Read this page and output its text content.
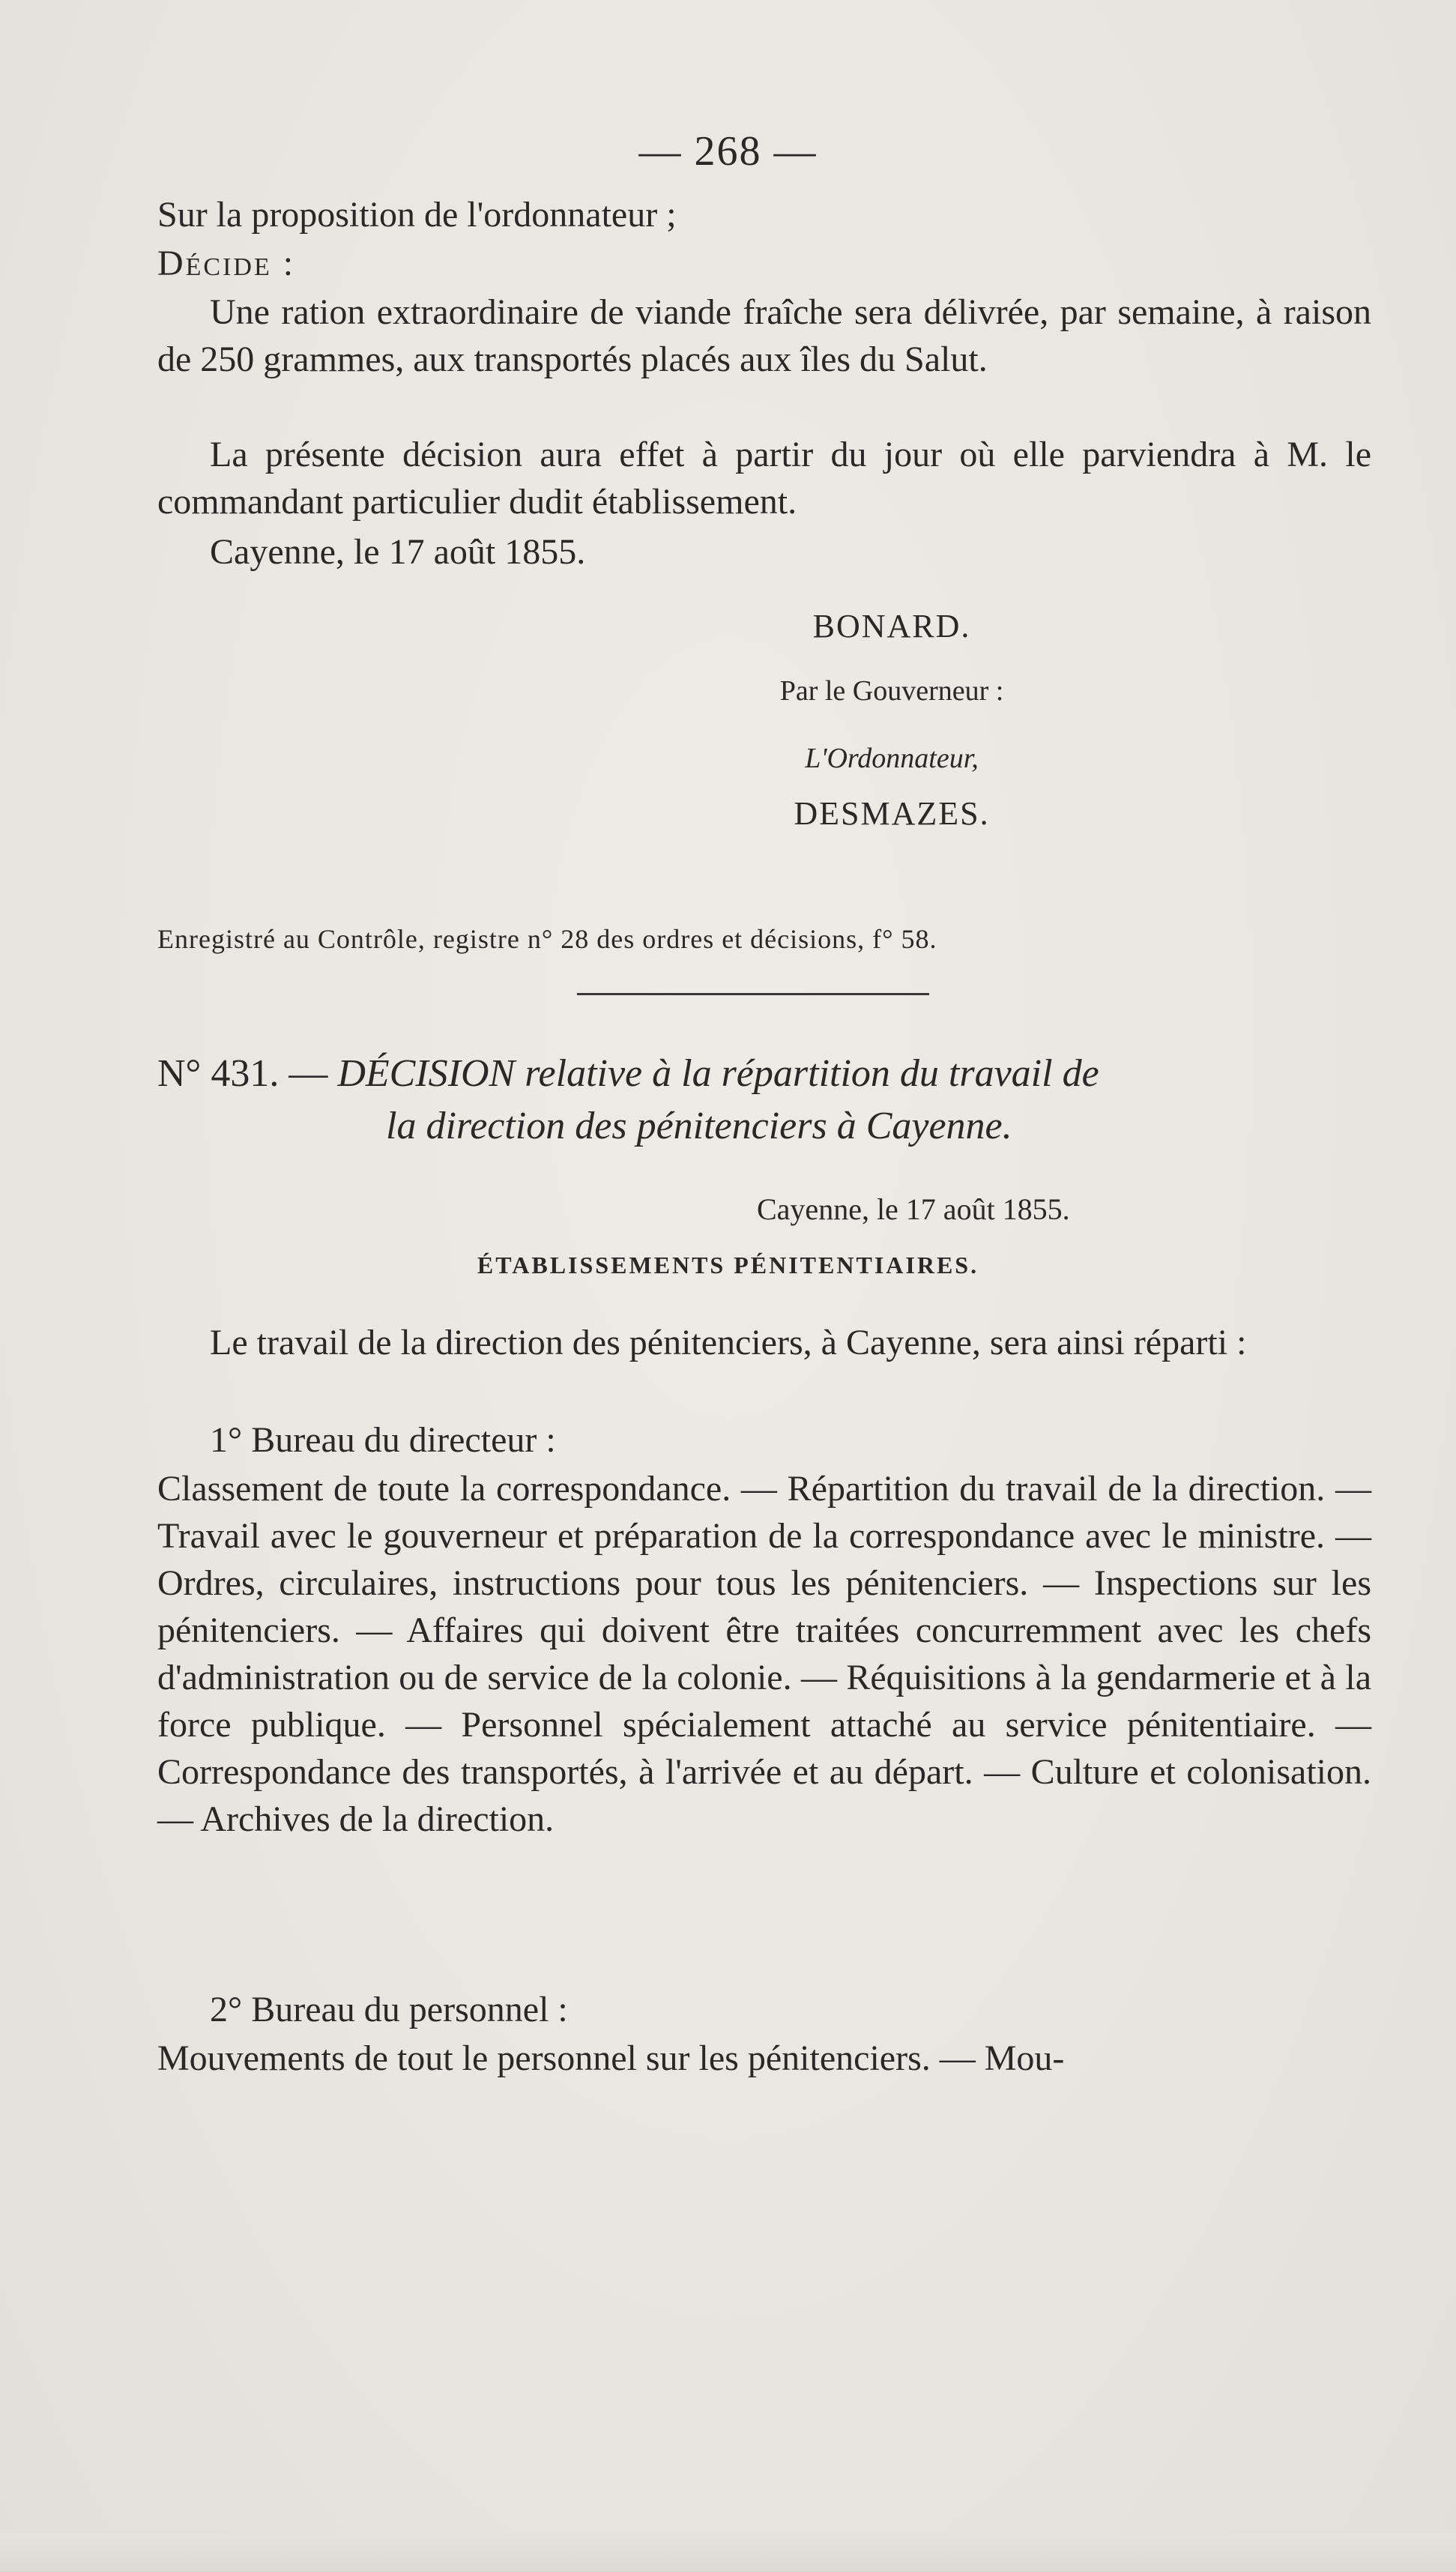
— 268 —

Sur la proposition de l'ordonnateur ;

Décide :

Une ration extraordinaire de viande fraîche sera délivrée, par semaine, à raison de 250 grammes, aux transportés placés aux îles du Salut.

La présente décision aura effet à partir du jour où elle parviendra à M. le commandant particulier dudit établissement.

Cayenne, le 17 août 1855.

BONARD.
Par le Gouverneur :
L'Ordonnateur,
DESMAZES.

Enregistré au Contrôle, registre n° 28 des ordres et décisions, f° 58.

N° 431. — DÉCISION relative à la répartition du travail de
la direction des pénitenciers à Cayenne.
Cayenne, le 17 août 1855.
ÉTABLISSEMENTS PÉNITENTIAIRES.

Le travail de la direction des pénitenciers, à Cayenne, sera ainsi réparti :

1° Bureau du directeur :

Classement de toute la correspondance. — Répartition du travail de la direction. — Travail avec le gouverneur et préparation de la correspondance avec le ministre. — Ordres, circulaires, instructions pour tous les pénitenciers. — Inspections sur les pénitenciers. — Affaires qui doivent être traitées concurremment avec les chefs d'administration ou de service de la colonie. — Réquisitions à la gendarmerie et à la force publique. — Personnel spécialement attaché au service pénitentiaire. — Correspondance des transportés, à l'arrivée et au départ. — Culture et colonisation. — Archives de la direction.

2° Bureau du personnel :

Mouvements de tout le personnel sur les pénitenciers. — Mou-
